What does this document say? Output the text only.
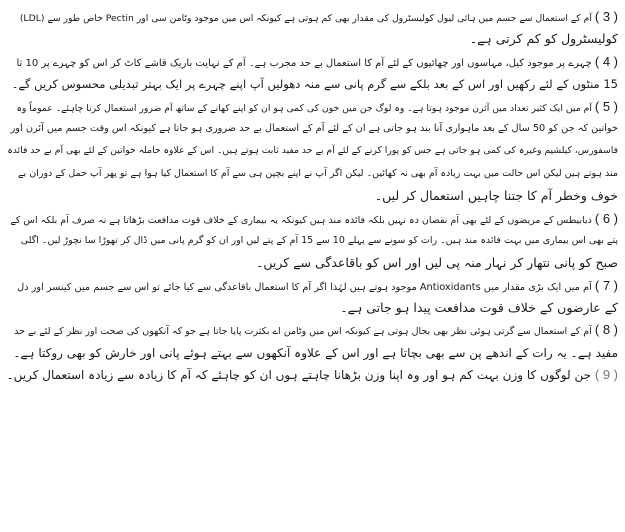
( 3 ) آم کے استعمال سے جسم میں ہائی لیول کولیسٹرول کی مقدار بھی کم ہوتی ہے کیونکہ اس میں موجود وٹامن سی اور Pectin خاص طور سے (LDL)
کولیسٹرول کو کم کرتی ہے۔
( 4 ) چہرے پر موجود کیل، مہاسوں اور چھائیوں کے لئے آم کا استعمال بے حد مجرب ہے۔ آم کے نہایت باریک قاشے کاٹ کر اس کو چہرے پر 10 تا
15 منٹوں کے لئے رکھیں اور اس کے بعد بلکے سے گرم پانی سے منہ دھولیں آپ اپنے چہرے پر ایک بہتر تبدیلی محسوس کریں گے۔
( 5 ) آم میں ایک کثیر تعداد میں آئرن موجود ہوتا ہے۔ وہ لوگ جن میں خون کی کمی ہو ان کو اپنے کھانے کے ساتھ آم ضرور استعمال کرنا چاہئے۔ عموماً وہ
خواتین کہ جن کو 50 سال کے بعد ماہواری آنا بند ہو جاتی ہے ان کے لئے آم کے استعمال بے حد ضروری ہو جاتا ہے کیونکہ اس وقت جسم میں آئرن اور
فاسفورس، کیلشیم وغیرہ کی کمی ہو جاتی ہے جس کو پورا کرنے کے لئے آم بے حد مفید ثابت ہوتے ہیں۔ اس کے علاوہ حاملہ خواتین کے لئے بھی آم بے حد فائدہ
مند ہوتے ہیں لیکن اس حالت میں بہت زیادہ آم بھی نہ کھائیں۔ لیکن اگر آپ نے اپنے بچپن ہی سے آم کا استعمال کیا ہوا ہے تو پھر آپ حمل کے دوران بے
خوف وخطر آم کا جتنا چاہیں استعمال کر لیں۔
( 6 ) ذیابیطس کے مریضوں کے لئے بھی آم نقصان دہ نہیں بلکہ فائدہ مند ہیں کیونکہ یہ بیماری کے خلاف قوت مدافعت بڑھاتا ہے نہ صرف آم بلکہ اس کے
پتے بھی اس بیماری میں بہت فائدہ مند ہیں۔ رات کو سونے سے پہلے 10 سے 15 آم کے پتے لیں اور ان کو گرم پانی میں ڈال کر تھوڑا سا نچوڑ لیں۔ اگلی
صبح کو پانی نتھار کر نہار منہ پی لیں اور اس کو باقاعدگی سے کریں۔
( 7 ) آم میں ایک بڑی مقدار میں Antioxidants موجود ہوتے ہیں لہٰذا اگر آم کا استعمال باقاعدگی سے کیا جائے تو اس سے جسم میں کینسر اور دل
کے عارضوں کے خلاف قوت مدافعت پیدا ہو جاتی ہے۔
( 8 ) آم کے استعمال سے گرتی ہوئی نظر بھی بحال ہوتی ہے کیونکہ اس میں وٹامن اے بکثرت پایا جاتا ہے جو کہ آنکھوں کی صحت اور نظر کے لئے بے حد
مفید ہے۔ یہ رات کے اندھے پن سے بھی بچاتا ہے اور اس کے علاوہ آنکھوں سے بہتے ہوئے پانی اور خارش کو بھی روکتا ہے۔
( 9 ) جن لوگوں کا وزن بہت کم ہو اور وہ اپنا وزن بڑھانا چاہتے ہوں ان کو چاہئے کہ آم کا زیادہ سے زیادہ استعمال کریں۔
